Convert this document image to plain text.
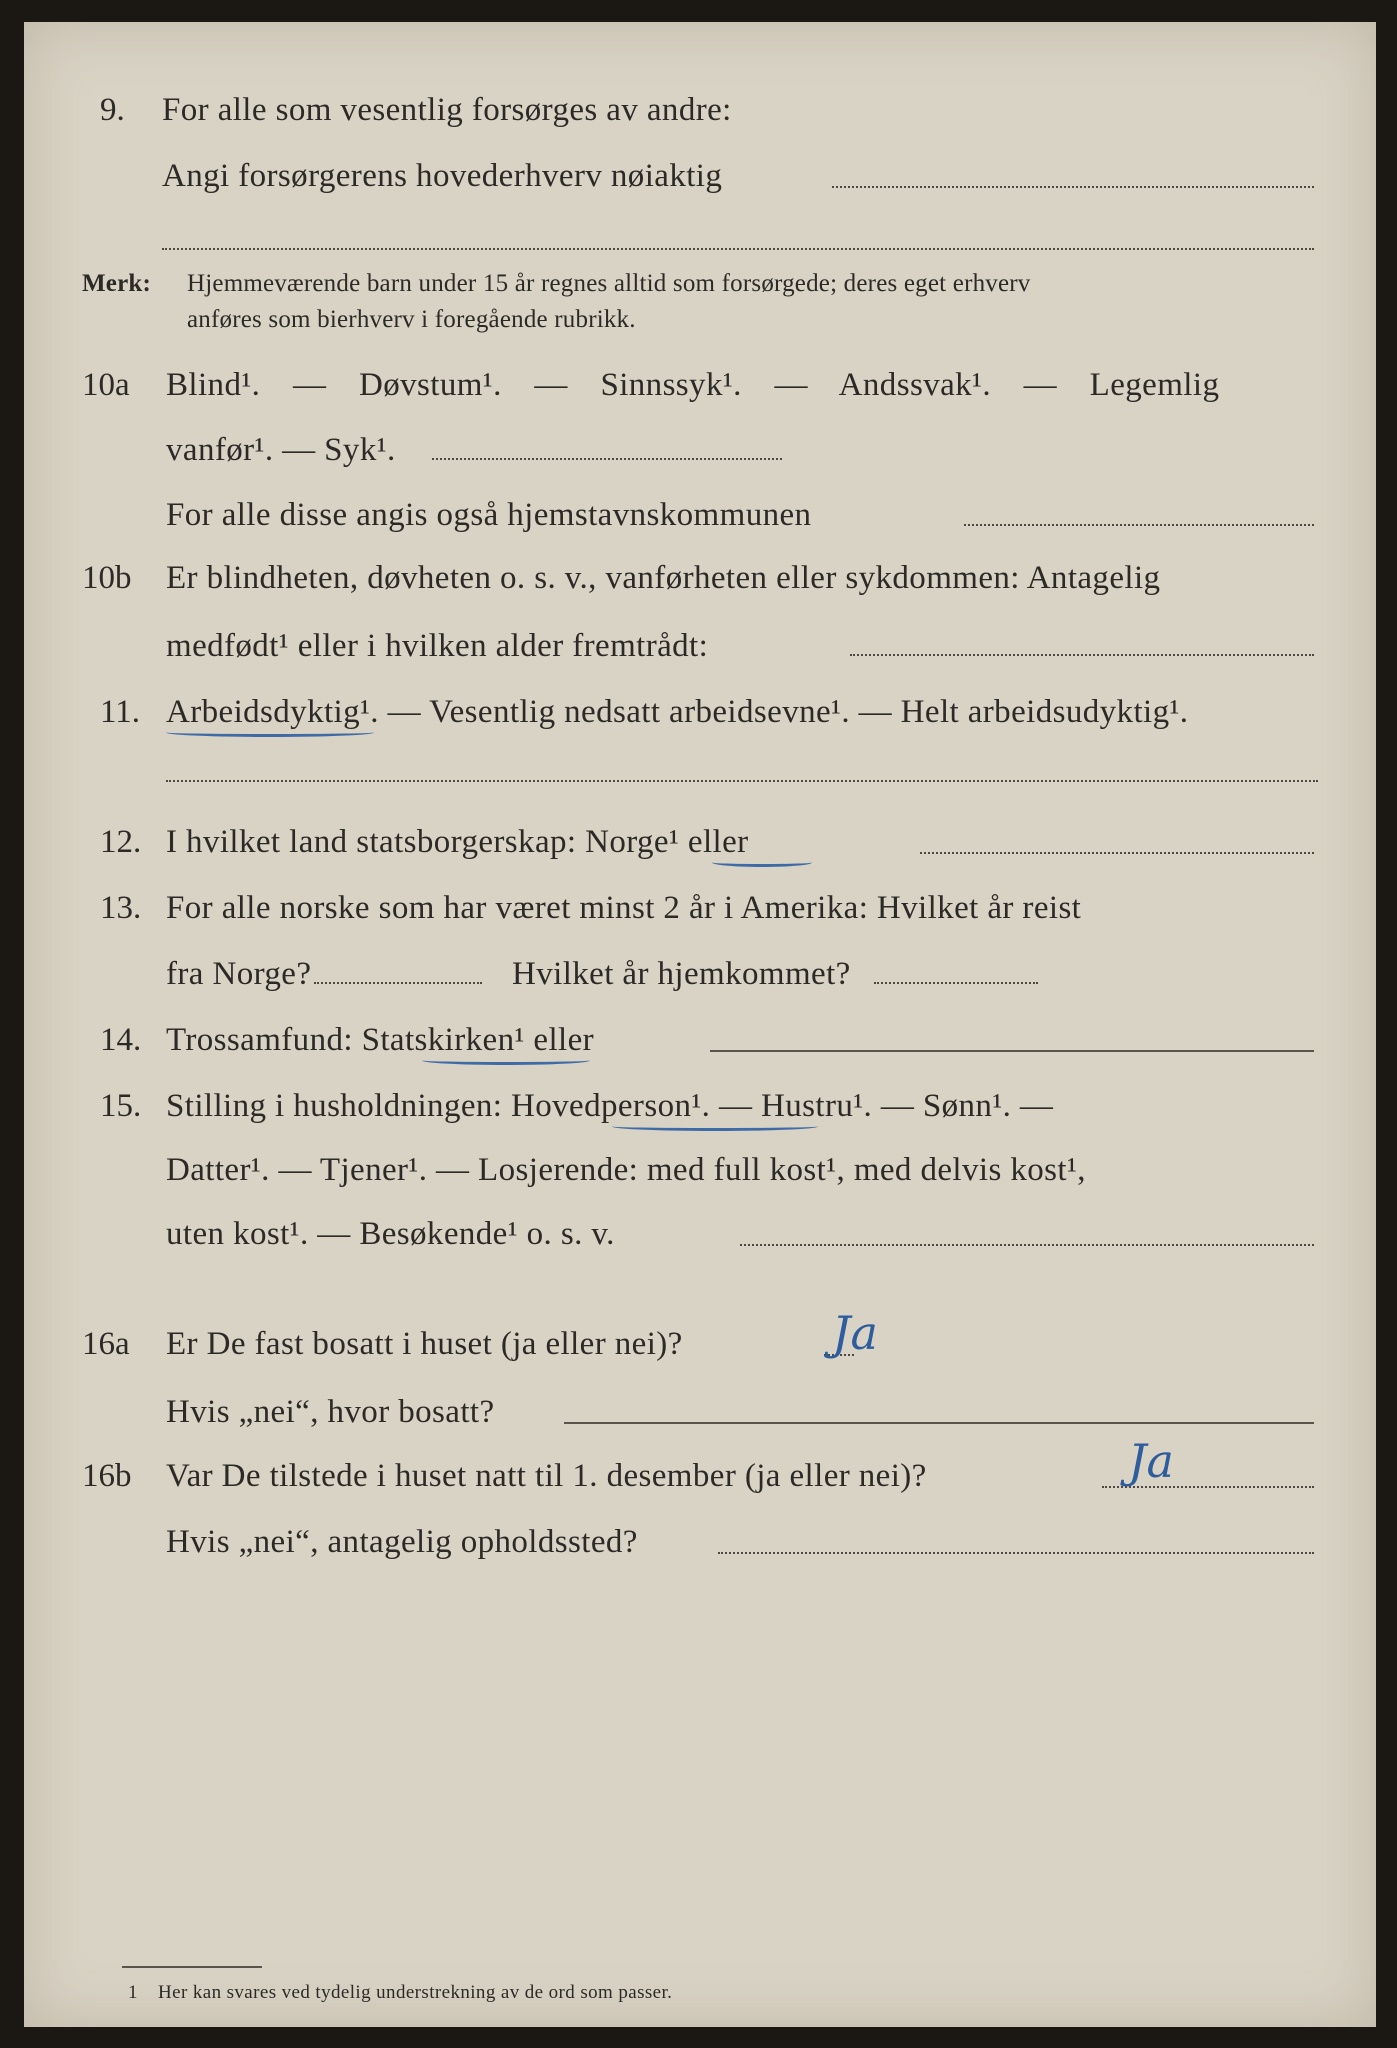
9. For alle som vesentlig forsørges av andre:
Angi forsørgerens hovederhverv nøiaktig
Merk: Hjemmeværende barn under 15 år regnes alltid som forsørgede; deres eget erhverv
anføres som bierhverv i foregående rubrikk.
10a Blind¹. — Døvstum¹. — Sinnssyk¹. — Andssvak¹. — Legemlig
vanfør¹. — Syk¹.
For alle disse angis også hjemstavnskommunen
10b Er blindheten, døvheten o. s. v., vanførheten eller sykdommen: Antagelig
medfødt¹ eller i hvilken alder fremtrådt:
11. Arbeidsdyktig¹. — Vesentlig nedsatt arbeidsevne¹. — Helt arbeidsudyktig¹.
12. I hvilket land statsborgerskap: Norge¹ eller
13. For alle norske som har været minst 2 år i Amerika: Hvilket år reist
fra Norge?	Hvilket år hjemkommet?
14. Trossamfund: Statskirken¹ eller
15. Stilling i husholdningen: Hovedperson¹. — Hustru¹. — Sønn¹. —
Datter¹. — Tjener¹. — Losjerende: med full kost¹, med delvis kost¹,
uten kost¹. — Besøkende¹ o. s. v.
16a Er De fast bosatt i huset (ja eller nei)?	Ja
Hvis „nei“, hvor bosatt?
16b Var De tilstede i huset natt til 1. desember (ja eller nei)?	Ja
Hvis „nei“, antagelig opholdssted?
1 Her kan svares ved tydelig understrekning av de ord som passer.
